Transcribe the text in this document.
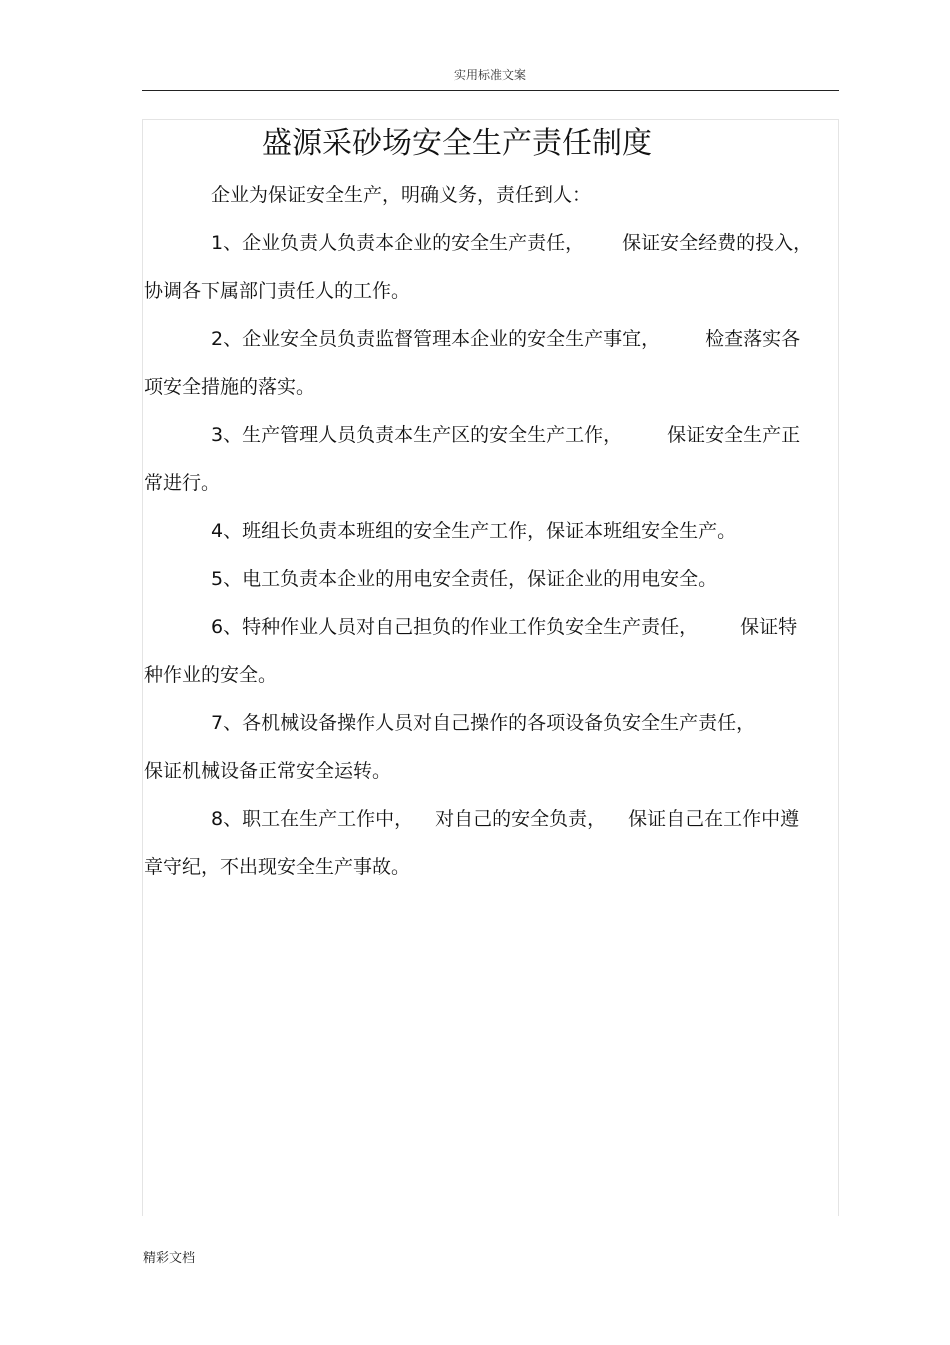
实用标准文案
盛源采砂场安全生产责任制度
企业为保证安全生产，明确义务，责任到人：
1、企业负责人负责本企业的安全生产责任， 保证安全经费的投入，
协调各下属部门责任人的工作。
2、企业安全员负责监督管理本企业的安全生产事宜， 检查落实各
项安全措施的落实。
3、生产管理人员负责本生产区的安全生产工作， 保证安全生产正
常进行。
4、班组长负责本班组的安全生产工作，保证本班组安全生产。
5、电工负责本企业的用电安全责任，保证企业的用电安全。
6、特种作业人员对自己担负的作业工作负安全生产责任， 保证特
种作业的安全。
7、各机械设备操作人员对自己操作的各项设备负安全生产责任，
保证机械设备正常安全运转。
8、职工在生产工作中， 对自己的安全负责， 保证自己在工作中遵
章守纪，不出现安全生产事故。
精彩文档
